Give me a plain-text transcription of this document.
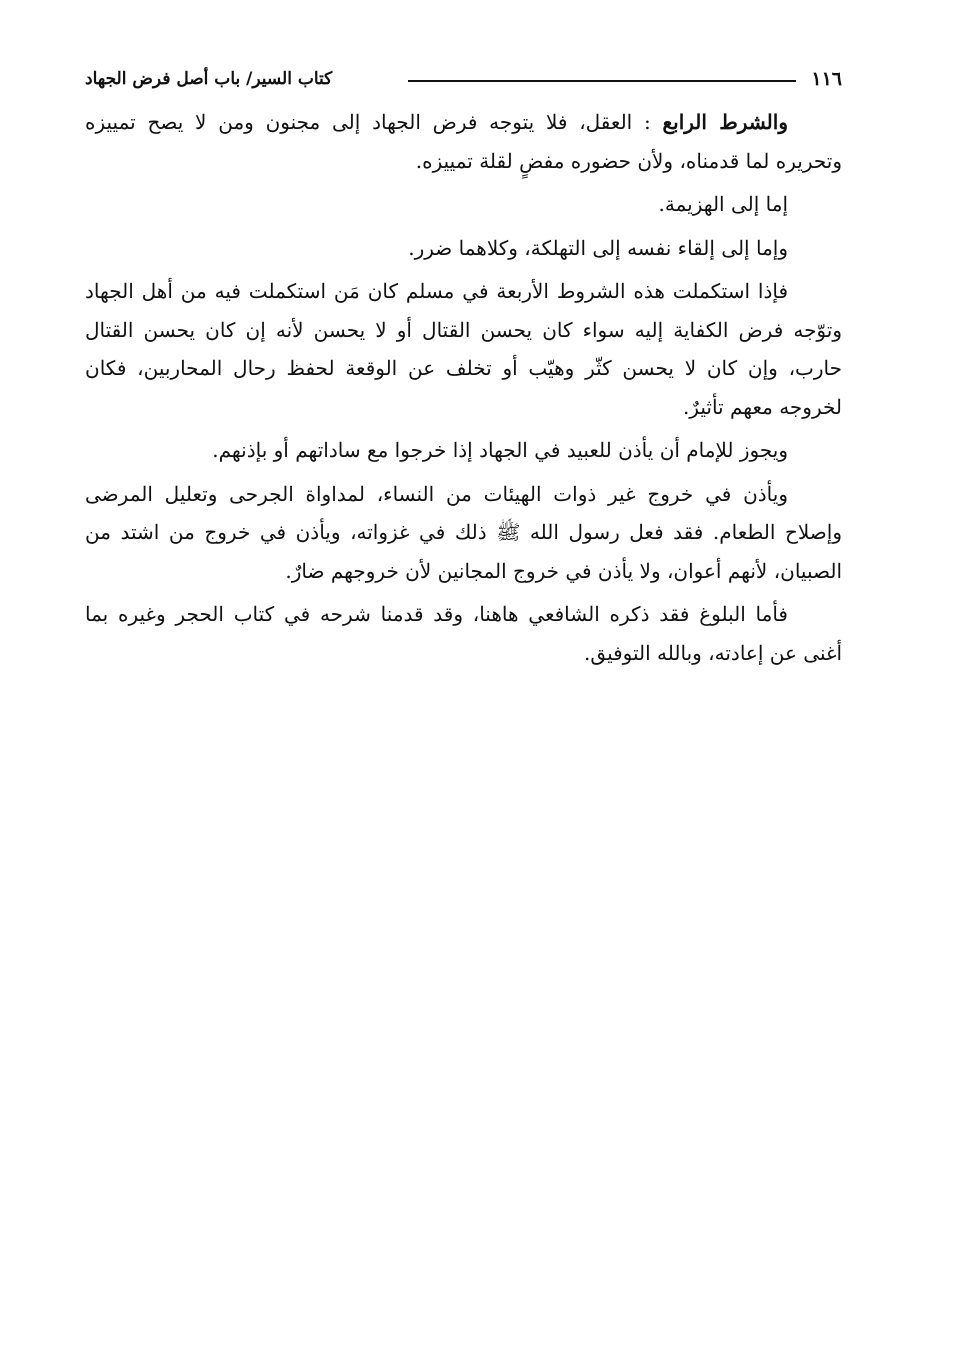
١١٦
كتاب السير/ باب أصل فرض الجهاد

والشرط الرابع : العقل، فلا يتوجه فرض الجهاد إلى مجنون ومن لا يصح تمييزه وتحريره لما قدمناه، ولأن حضوره مفضٍ لقلة تمييزه.

إما إلى الهزيمة.

وإما إلى إلقاء نفسه إلى التهلكة، وكلاهما ضرر.

فإذا استكملت هذه الشروط الأربعة في مسلم كان مَن استكملت فيه من أهل الجهاد وتوّجه فرض الكفاية إليه سواء كان يحسن القتال أو لا يحسن لأنه إن كان يحسن القتال حارب، وإن كان لا يحسن كثّر وهيّب أو تخلف عن الوقعة لحفظ رحال المحاربين، فكان لخروجه معهم تأثيرٌ.

ويجوز للإمام أن يأذن للعبيد في الجهاد إذا خرجوا مع ساداتهم أو بإذنهم.

ويأذن في خروج غير ذوات الهيئات من النساء، لمداواة الجرحى وتعليل المرضى وإصلاح الطعام. فقد فعل رسول الله ﷺ ذلك في غزواته، ويأذن في خروج من اشتد من الصبيان، لأنهم أعوان، ولا يأذن في خروج المجانين لأن خروجهم ضارٌ.

فأما البلوغ فقد ذكره الشافعي هاهنا، وقد قدمنا شرحه في كتاب الحجر وغيره بما أغنى عن إعادته، وبالله التوفيق.
